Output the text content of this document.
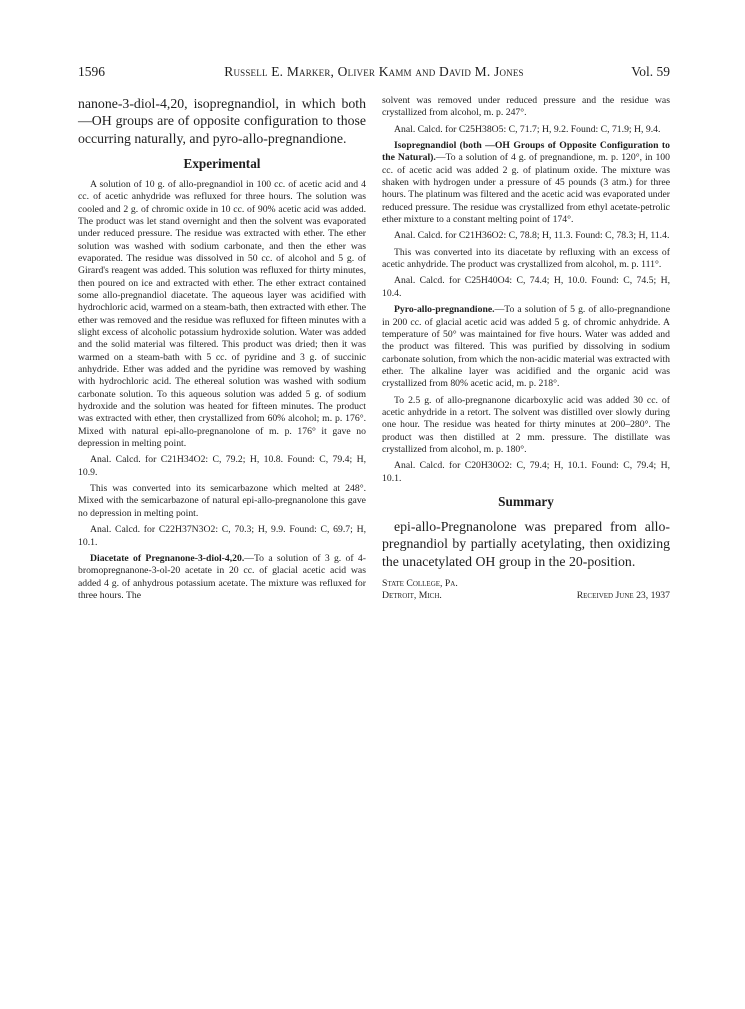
1596	Russell E. Marker, Oliver Kamm and David M. Jones	Vol. 59

nanone-3-diol-4,20, isopregnandiol, in which both —OH groups are of opposite configuration to those occurring naturally, and pyro-allo-pregnandione.

Experimental

A solution of 10 g. of allo-pregnandiol in 100 cc. of acetic acid and 4 cc. of acetic anhydride was refluxed for three hours. The solution was cooled and 2 g. of chromic oxide in 10 cc. of 90% acetic acid was added. The product was let stand overnight and then the solvent was evaporated under reduced pressure. The residue was extracted with ether. The ether solution was washed with sodium carbonate, and then the ether was evaporated. The residue was dissolved in 50 cc. of alcohol and 5 g. of Girard's reagent was added. This solution was refluxed for thirty minutes, then poured on ice and extracted with ether. The ether extract contained some allo-pregnandiol diacetate. The aqueous layer was acidified with hydrochloric acid, warmed on a steam-bath, then extracted with ether. The ether was removed and the residue was refluxed for fifteen minutes with a slight excess of alcoholic potassium hydroxide solution. Water was added and the solid material was filtered. This product was dried; then it was warmed on a steam-bath with 5 cc. of pyridine and 3 g. of succinic anhydride. Ether was added and the pyridine was removed by washing with hydrochloric acid. The ethereal solution was washed with sodium carbonate solution. To this aqueous solution was added 5 g. of sodium hydroxide and the solution was heated for fifteen minutes. The product was extracted with ether, then crystallized from 60% alcohol; m. p. 176°. Mixed with natural epi-allo-pregnanolone of m. p. 176° it gave no depression in melting point.

Anal. Calcd. for C21H34O2: C, 79.2; H, 10.8. Found: C, 79.4; H, 10.9.

This was converted into its semicarbazone which melted at 248°. Mixed with the semicarbazone of natural epi-allo-pregnanolone this gave no depression in melting point.

Anal. Calcd. for C22H37N3O2: C, 70.3; H, 9.9. Found: C, 69.7; H, 10.1.

Diacetate of Pregnanone-3-diol-4,20.—To a solution of 3 g. of 4-bromopregnanone-3-ol-20 acetate in 20 cc. of glacial acetic acid was added 4 g. of anhydrous potassium acetate. The mixture was refluxed for three hours. The

solvent was removed under reduced pressure and the residue was crystallized from alcohol, m. p. 247°.

Anal. Calcd. for C25H38O5: C, 71.7; H, 9.2. Found: C, 71.9; H, 9.4.

Isopregnandiol (both —OH Groups of Opposite Configuration to the Natural).—To a solution of 4 g. of pregnandione, m. p. 120°, in 100 cc. of acetic acid was added 2 g. of platinum oxide. The mixture was shaken with hydrogen under a pressure of 45 pounds (3 atm.) for three hours. The platinum was filtered and the acetic acid was evaporated under reduced pressure. The residue was crystallized from ethyl acetate-petrolic ether mixture to a constant melting point of 174°.

Anal. Calcd. for C21H36O2: C, 78.8; H, 11.3. Found: C, 78.3; H, 11.4.

This was converted into its diacetate by refluxing with an excess of acetic anhydride. The product was crystallized from alcohol, m. p. 111°.

Anal. Calcd. for C25H40O4: C, 74.4; H, 10.0. Found: C, 74.5; H, 10.4.

Pyro-allo-pregnandione.—To a solution of 5 g. of allo-pregnandione in 200 cc. of glacial acetic acid was added 5 g. of chromic anhydride. A temperature of 50° was maintained for five hours. Water was added and the product was filtered. This was purified by dissolving in sodium carbonate solution, from which the non-acidic material was extracted with ether. The alkaline layer was acidified and the organic acid was crystallized from 80% acetic acid, m. p. 218°.

To 2.5 g. of allo-pregnanone dicarboxylic acid was added 30 cc. of acetic anhydride in a retort. The solvent was distilled over slowly during one hour. The residue was heated for thirty minutes at 200–280°. The product was then distilled at 2 mm. pressure. The distillate was crystallized from alcohol, m. p. 180°.

Anal. Calcd. for C20H30O2: C, 79.4; H, 10.1. Found: C, 79.4; H, 10.1.

Summary

epi-allo-Pregnanolone was prepared from allo-pregnandiol by partially acetylating, then oxidizing the unacetylated OH group in the 20-position.

State College, Pa.
Detroit, Mich.	Received June 23, 1937
